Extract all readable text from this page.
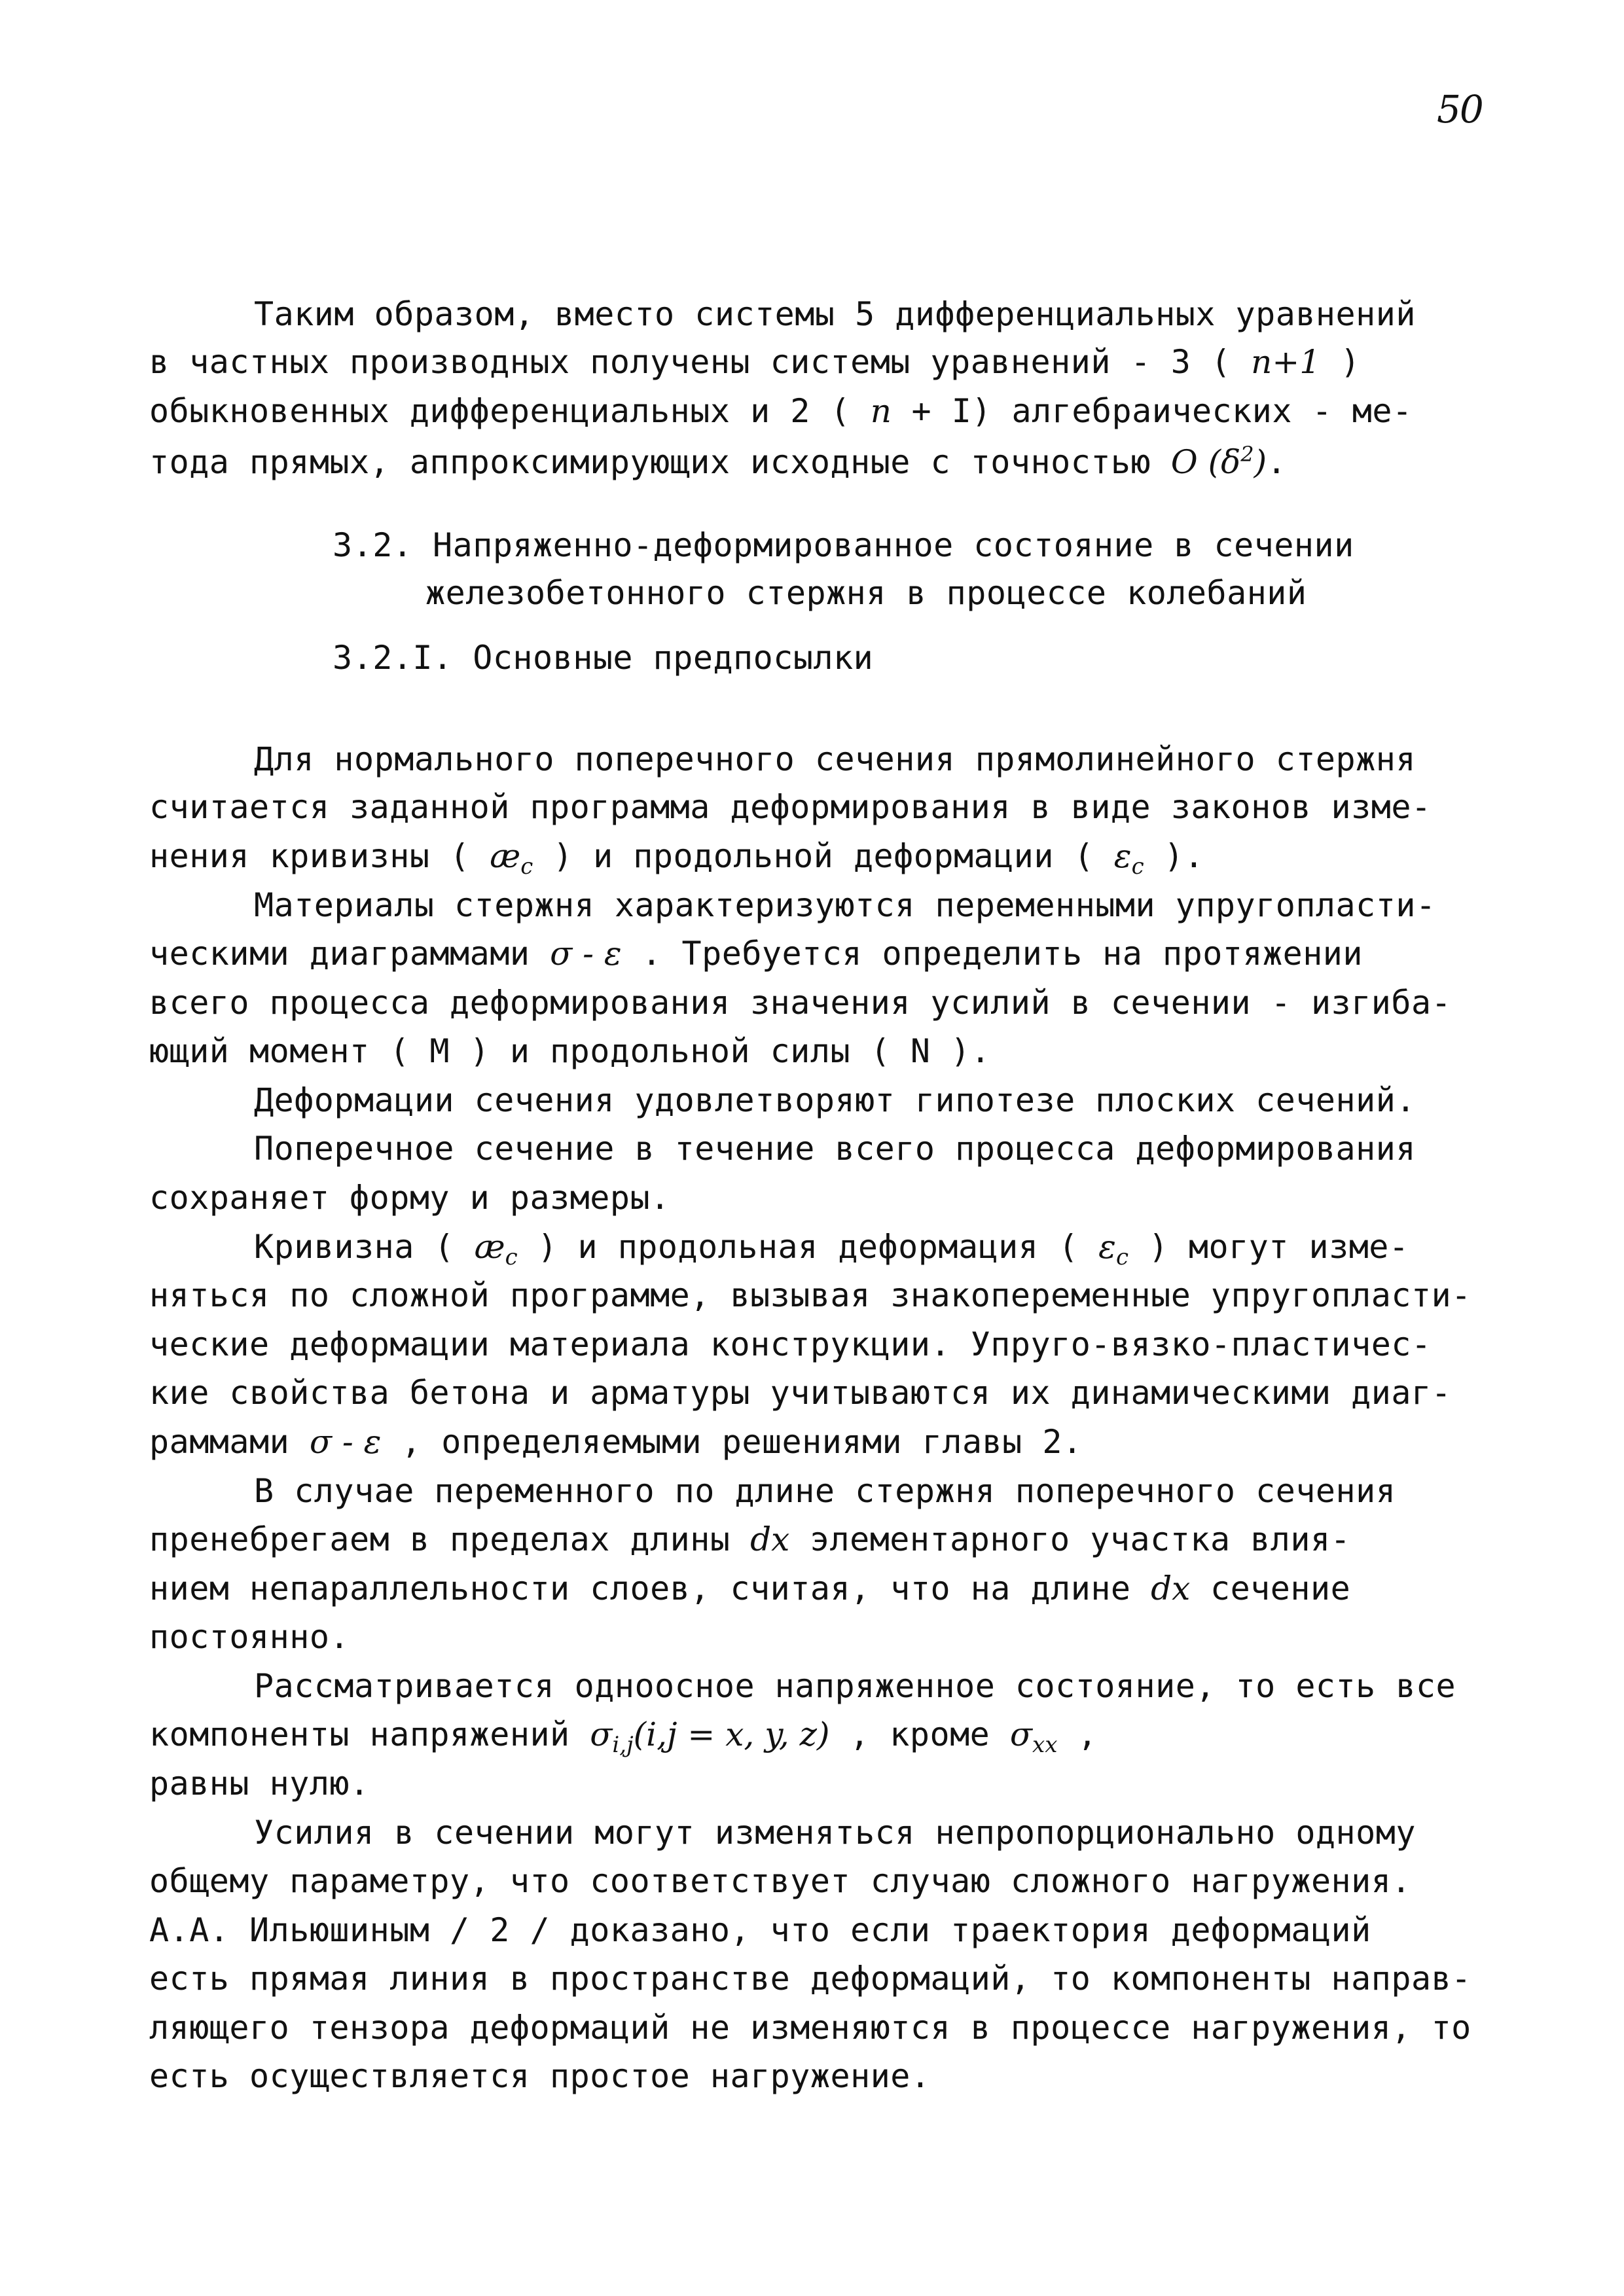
50
Таким образом, вместо системы 5 дифференциальных уравнений
в частных производных получены системы уравнений - 3 ( n+1 )
обыкновенных дифференциальных и 2 ( n + I) алгебраических - ме-
тода прямых, аппроксимирующих исходные с точностью O $(\delta^2)$.
3.2. Напряженно-деформированное состояние в сечении
железобетонного стержня в процессе колебаний
3.2.I. Основные предпосылки
Для нормального поперечного сечения прямолинейного стержня
считается заданной программа деформирования в виде законов изме-
нения кривизны ( $æ_c$ ) и продольной деформации ( $\varepsilon_c$ ).
Материалы стержня характеризуются переменными упругопласти-
ческими диаграммами σ - ε . Требуется определить на протяжении
всего процесса деформирования значения усилий в сечении - изгиба-
ющий момент ( М ) и продольной силы ( N ).
Деформации сечения удовлетворяют гипотезе плоских сечений.
Поперечное сечение в течение всего процесса деформирования
сохраняет форму и размеры.
Кривизна ( $æ_c$ ) и продольная деформация ( $\varepsilon_c$ ) могут изме-
няться по сложной программе, вызывая знакопеременные упругопласти-
ческие деформации материала конструкции. Упруго-вязко-пластичес-
кие свойства бетона и арматуры учитываются их динамическими диаг-
раммами σ - ε , определяемыми решениями главы 2.
В случае переменного по длине стержня поперечного сечения
пренебрегаем в пределах длины dx элементарного участка влия-
нием непараллельности слоев, считая, что на длине dx сечение
постоянно.
Рассматривается одноосное напряженное состояние, то есть все
компоненты напряжений $\sigma_{i,j}(i,j = x$, y, z) , кроме $\sigma_{xx}$ ,
равны нулю.
Усилия в сечении могут изменяться непропорционально одному
общему параметру, что соответствует случаю сложного нагружения.
А.А. Ильюшиным / 2 / доказано, что если траектория деформаций
есть прямая линия в пространстве деформаций, то компоненты направ-
ляющего тензора деформаций не изменяются в процессе нагружения, то
есть осуществляется простое нагружение.
